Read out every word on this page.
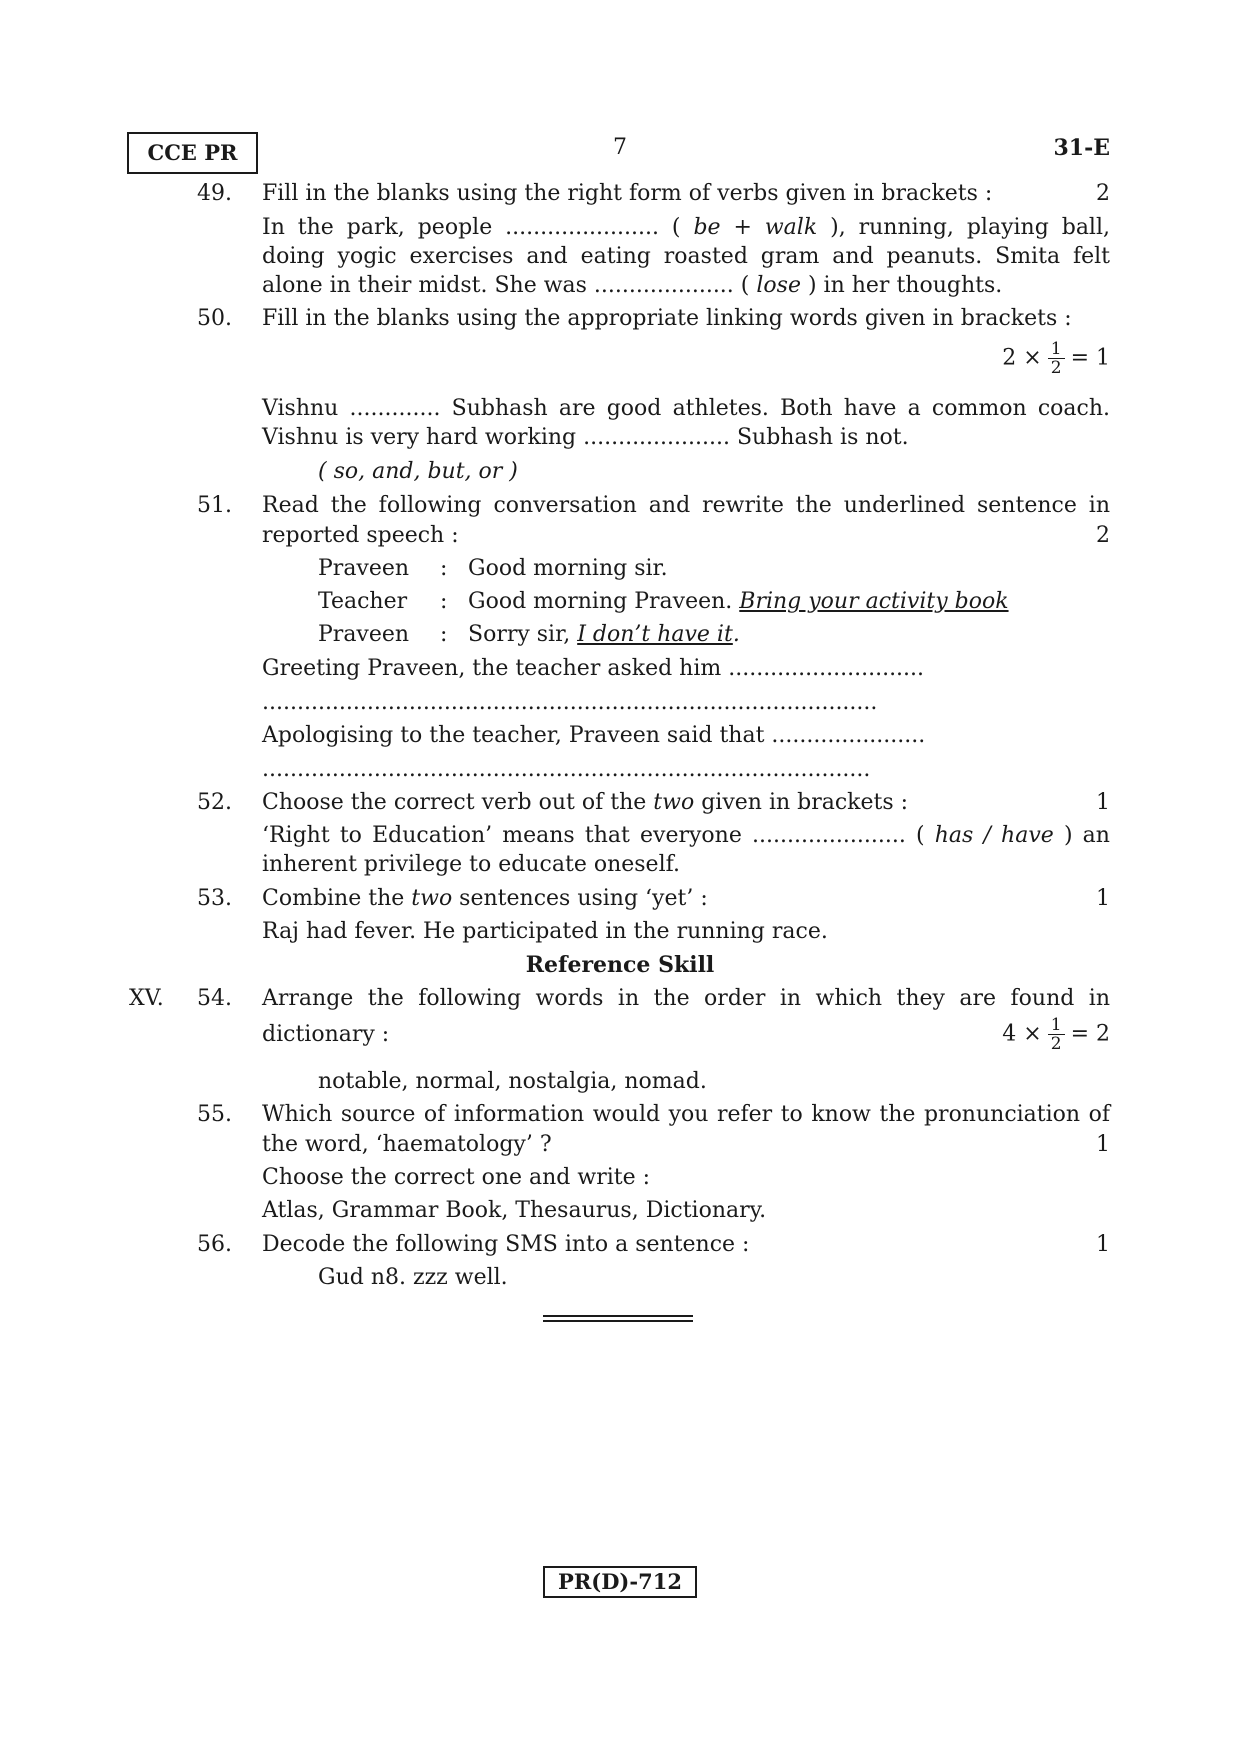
CCE PR	7	31-E
49. Fill in the blanks using the right form of verbs given in brackets :	2
In the park, people ...................... ( be + walk ), running, playing ball,
doing yogic exercises and eating roasted gram and peanuts. Smita felt
alone in their midst. She was .................... ( lose ) in her thoughts.
50. Fill in the blanks using the appropriate linking words given in brackets :
$2 \times \frac{1}{2} = 1$
Vishnu ............. Subhash are good athletes. Both have a common coach.
Vishnu is very hard working ..................... Subhash is not.
( so, and, but, or )
51. Read the following conversation and rewrite the underlined sentence in
reported speech :	2
Praveen : Good morning sir.
Teacher : Good morning Praveen. Bring your activity book
Praveen : Sorry sir, I don’t have it.
Greeting Praveen, the teacher asked him ............................
........................................................................................
Apologising to the teacher, Praveen said that ......................
.......................................................................................
52. Choose the correct verb out of the two given in brackets :	1
‘Right to Education’ means that everyone ...................... ( has / have ) an
inherent privilege to educate oneself.
53. Combine the two sentences using ‘yet’ :	1
Raj had fever. He participated in the running race.
Reference Skill
XV.	54. Arrange the following words in the order in which they are found in
dictionary :	$4 \times \frac{1}{2} = 2$
notable, normal, nostalgia, nomad.
55. Which source of information would you refer to know the pronunciation of
the word, ‘haematology’ ?	1
Choose the correct one and write :
Atlas, Grammar Book, Thesaurus, Dictionary.
56. Decode the following SMS into a sentence :	1
Gud n8. zzz well.
PR(D)-712
